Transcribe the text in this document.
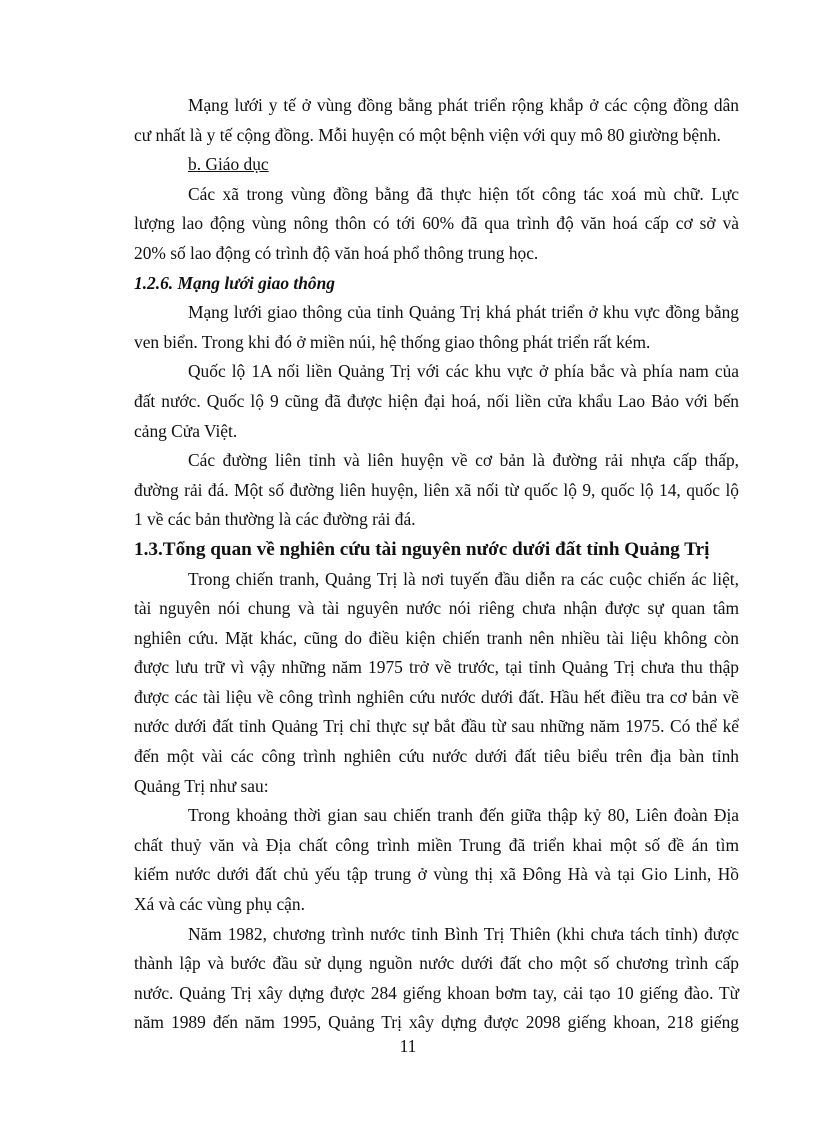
Mạng lưới y tế ở vùng đồng bằng phát triển rộng khắp ở các cộng đồng dân
cư nhất là y tế cộng đồng. Mỗi huyện có một bệnh viện với quy mô 80 giường bệnh.
b. Giáo dục
Các xã trong vùng đồng bằng đã thực hiện tốt công tác xoá mù chữ. Lực
lượng lao động vùng nông thôn có tới 60% đã qua trình độ văn hoá cấp cơ sở và
20% số lao động có trình độ văn hoá phổ thông trung học.
1.2.6. Mạng lưới giao thông
Mạng lưới giao thông của tỉnh Quảng Trị khá phát triển ở khu vực đồng bằng
ven biển. Trong khi đó ở miền núi, hệ thống giao thông phát triển rất kém.
Quốc lộ 1A nối liền Quảng Trị với các khu vực ở phía bắc và phía nam của
đất nước. Quốc lộ 9 cũng đã được hiện đại hoá, nối liền cửa khẩu Lao Bảo với bến
cảng Cửa Việt.
Các đường liên tỉnh và liên huyện về cơ bản là đường rải nhựa cấp thấp,
đường rải đá. Một số đường liên huyện, liên xã nối từ quốc lộ 9, quốc lộ 14, quốc lộ
1 về các bản thường là các đường rải đá.
1.3.Tổng quan về nghiên cứu tài nguyên nước dưới đất tỉnh Quảng Trị
Trong chiến tranh, Quảng Trị là nơi tuyến đầu diễn ra các cuộc chiến ác liệt,
tài nguyên nói chung và tài nguyên nước nói riêng chưa nhận được sự quan tâm
nghiên cứu. Mặt khác, cũng do điều kiện chiến tranh nên nhiều tài liệu không còn
được lưu trữ vì vậy những năm 1975 trở về trước, tại tỉnh Quảng Trị chưa thu thập
được các tài liệu về công trình nghiên cứu nước dưới đất. Hầu hết điều tra cơ bản về
nước dưới đất tỉnh Quảng Trị chỉ thực sự bắt đầu từ sau những năm 1975. Có thể kể
đến một vài các công trình nghiên cứu nước dưới đất tiêu biểu trên địa bàn tỉnh
Quảng Trị như sau:
Trong khoảng thời gian sau chiến tranh đến giữa thập kỷ 80, Liên đoàn Địa
chất thuỷ văn và Địa chất công trình miền Trung đã triển khai một số đề án tìm
kiếm nước dưới đất chủ yếu tập trung ở vùng thị xã Đông Hà và tại Gio Linh, Hồ
Xá và các vùng phụ cận.
Năm 1982, chương trình nước tỉnh Bình Trị Thiên (khi chưa tách tỉnh) được
thành lập và bước đầu sử dụng nguồn nước dưới đất cho một số chương trình cấp
nước. Quảng Trị xây dựng được 284 giếng khoan bơm tay, cải tạo 10 giếng đào. Từ
năm 1989 đến năm 1995, Quảng Trị xây dựng được 2098 giếng khoan, 218 giếng
11
